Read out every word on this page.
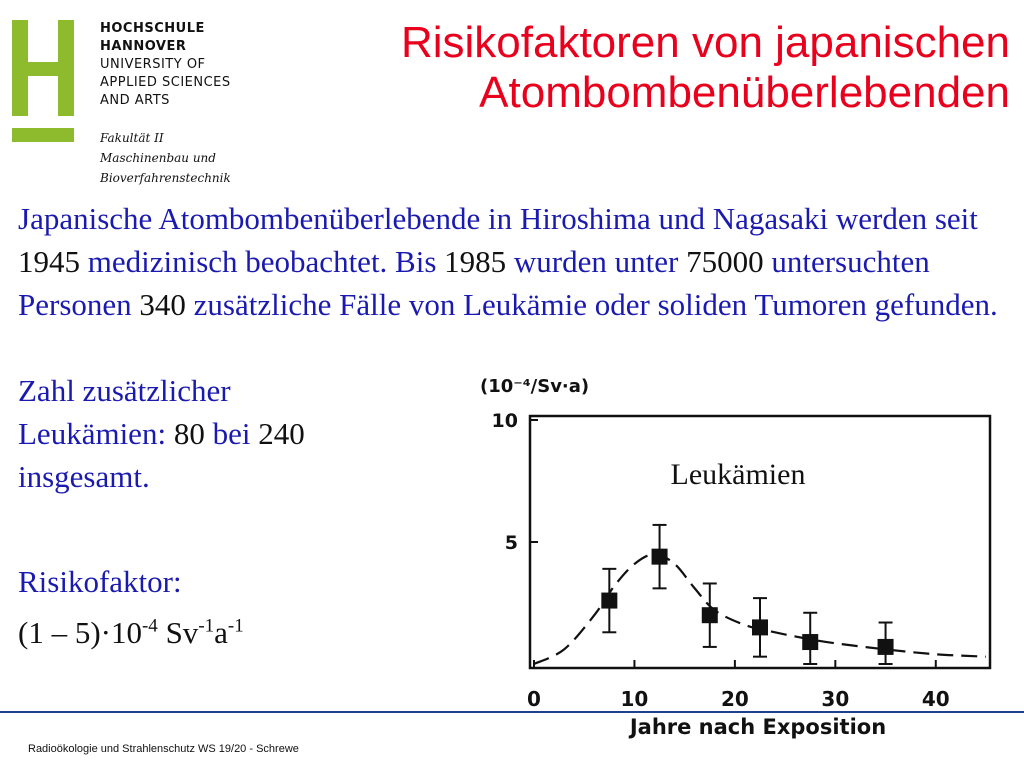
HOCHSCHULE
HANNOVER
UNIVERSITY OF
APPLIED SCIENCES
AND ARTS
Fakultät II
Maschinenbau und
Bioverfahrenstechnik
Risikofaktoren von japanischen
Atombombenüberlebenden
Japanische Atombombenüberlebende in Hiroshima und Nagasaki werden seit 1945 medizinisch beobachtet. Bis 1985 wurden unter 75000 untersuchten Personen 340 zusätzliche Fälle von Leukämie oder soliden Tumoren gefunden.
Zahl zusätzlicher
Leukämien: 80 bei 240
insgesamt.
Risikofaktor:
$(1 - 5)\cdot 10^{-4}$ $Sv^{-1}a^{-1}$
(10⁻⁴/Sv·a)
Leukämien
0	10	20	30	40
5
10
Jahre nach Exposition
Radioökologie und Strahlenschutz WS 19/20 - Schrewe
